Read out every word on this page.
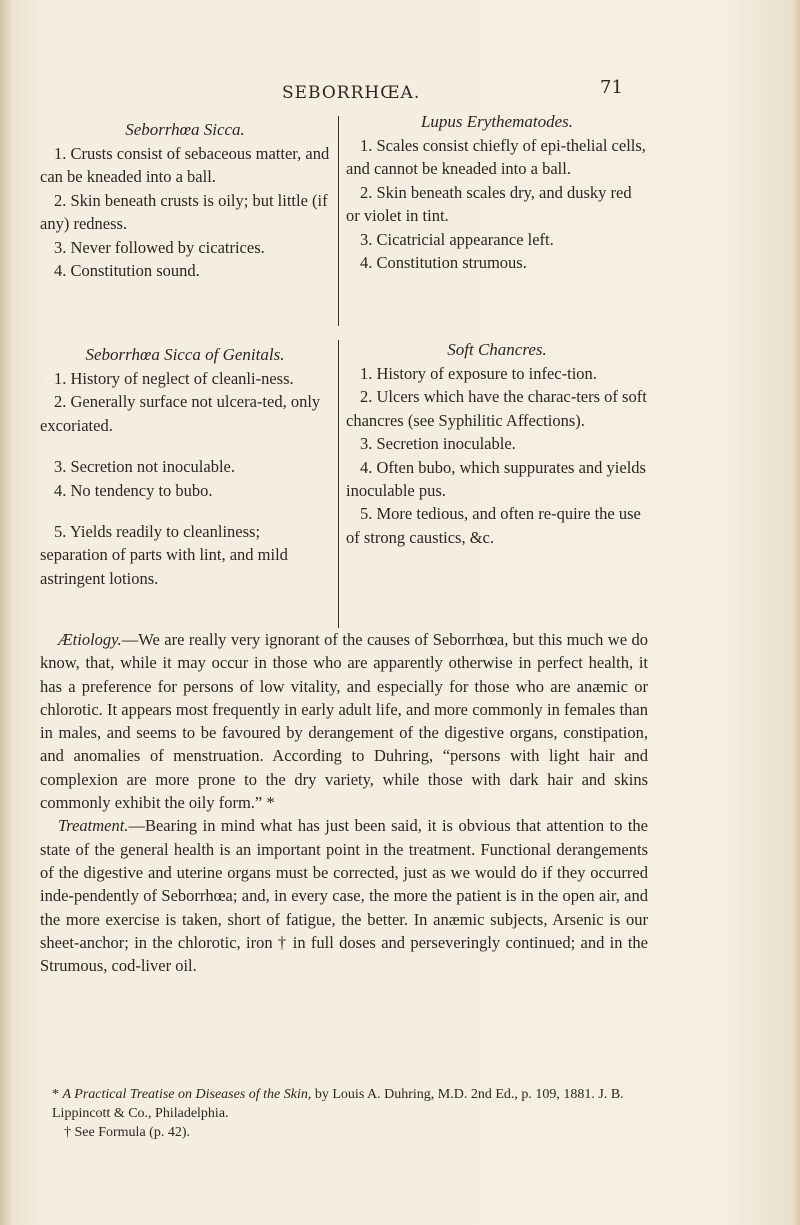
SEBORRHŒA.	71
Seborrhœa Sicca.

1. Crusts consist of sebaceous matter, and can be kneaded into a ball.

2. Skin beneath crusts is oily; but little (if any) redness.

3. Never followed by cicatrices.

4. Constitution sound.

Lupus Erythematodes.

1. Scales consist chiefly of epi-thelial cells, and cannot be kneaded into a ball.

2. Skin beneath scales dry, and dusky red or violet in tint.

3. Cicatricial appearance left.

4. Constitution strumous.

Seborrhœa Sicca of Genitals.

1. History of neglect of cleanli-ness.

2. Generally surface not ulcera-ted, only excoriated.

3. Secretion not inoculable.

4. No tendency to bubo.

5. Yields readily to cleanliness; separation of parts with lint, and mild astringent lotions.

Soft Chancres.

1. History of exposure to infec-tion.

2. Ulcers which have the charac-ters of soft chancres (see Syphilitic Affections).

3. Secretion inoculable.

4. Often bubo, which suppurates and yields inoculable pus.

5. More tedious, and often re-quire the use of strong caustics, &c.

Ætiology.—We are really very ignorant of the causes of Seborrhœa, but this much we do know, that, while it may occur in those who are apparently otherwise in perfect health, it has a preference for persons of low vitality, and especially for those who are anæmic or chlorotic. It appears most frequently in early adult life, and more commonly in females than in males, and seems to be favoured by derangement of the digestive organs, constipation, and anomalies of menstruation. According to Duhring, “persons with light hair and complexion are more prone to the dry variety, while those with dark hair and skins commonly exhibit the oily form.” *

Treatment.—Bearing in mind what has just been said, it is obvious that attention to the state of the general health is an important point in the treatment. Functional derangements of the digestive and uterine organs must be corrected, just as we would do if they occurred inde-pendently of Seborrhœa; and, in every case, the more the patient is in the open air, and the more exercise is taken, short of fatigue, the better. In anæmic subjects, Arsenic is our sheet-anchor; in the chlorotic, iron † in full doses and perseveringly continued; and in the Strumous, cod-liver oil.

* A Practical Treatise on Diseases of the Skin, by Louis A. Duhring, M.D. 2nd Ed., p. 109, 1881. J. B. Lippincott & Co., Philadelphia.

† See Formula (p. 42).
